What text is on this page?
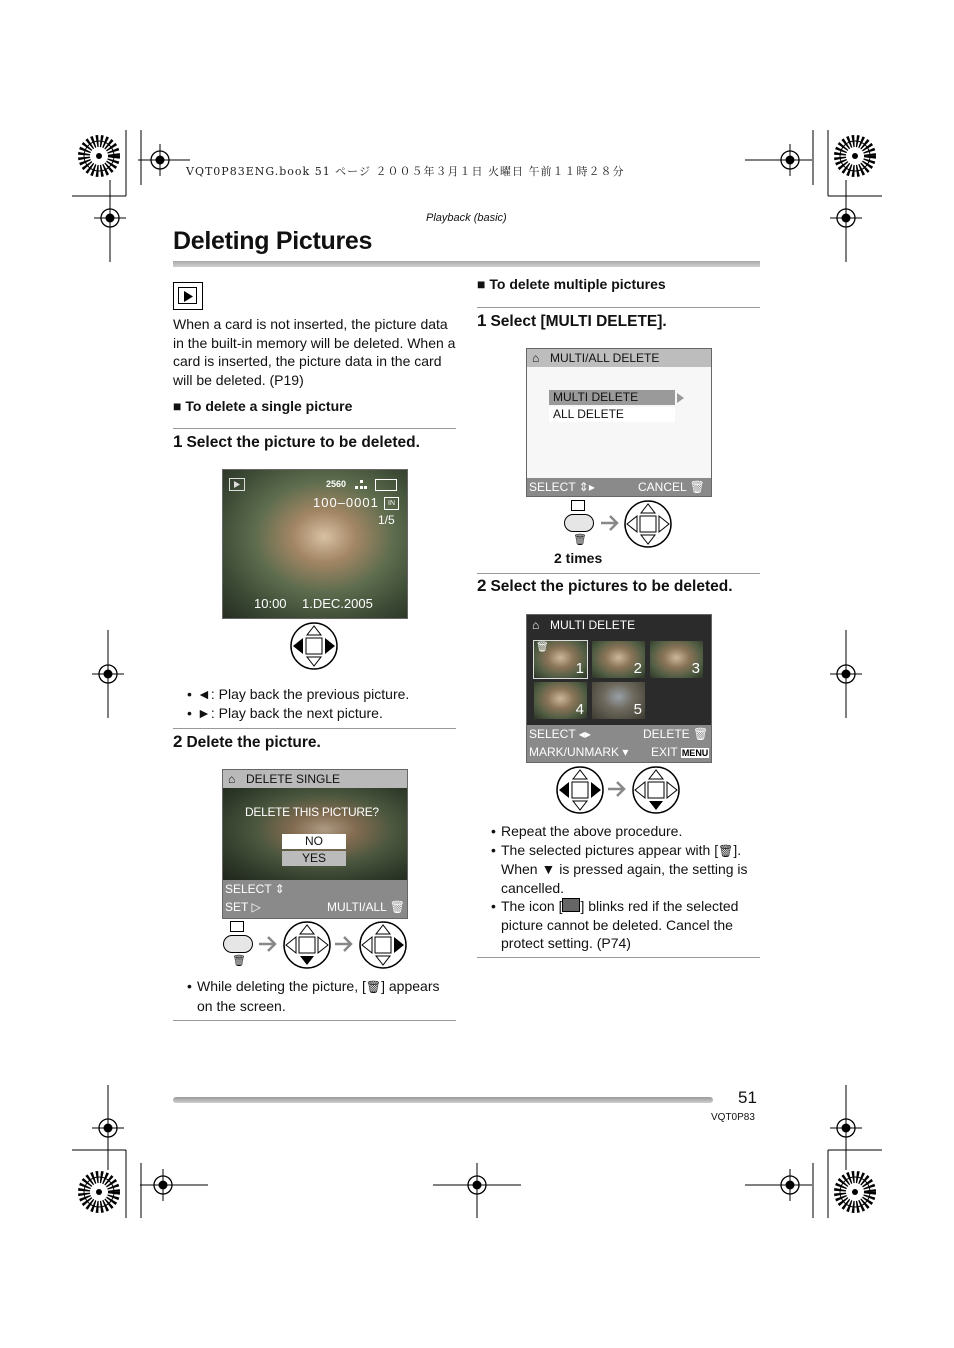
VQT0P83ENG.book 51 ページ ２００５年３月１日 火曜日 午前１１時２８分
Playback (basic)
Deleting Pictures
When a card is not inserted, the picture data in the built-in memory will be deleted. When a card is inserted, the picture data in the card will be deleted. (P19)
■ To delete a single picture
1 Select the picture to be deleted.
2560
100–0001	IN
1/5
10:00 1.DEC.2005
• ◄: Play back the previous picture.
• ►: Play back the next picture.
2 Delete the picture.
⌂ DELETE SINGLE
DELETE THIS PICTURE?
NO
YES
SELECT ⇕
SET ▷	MULTI/ALL 🗑
🗑
• While deleting the picture, [🗑] appears on the screen.
■ To delete multiple pictures
1 Select [MULTI DELETE].
⌂ MULTI/ALL DELETE
MULTI DELETE
ALL DELETE
SELECT ⇕▸	CANCEL 🗑
🗑
2 times
2 Select the pictures to be deleted.
⌂ MULTI DELETE
🗑
1	2	3
4	5
SELECT ◂▸	DELETE 🗑
MARK/UNMARK ▾ EXIT MENU
• Repeat the above procedure.
• The selected pictures appear with [🗑]. When ▼ is pressed again, the setting is cancelled.
• The icon [ ] blinks red if the selected picture cannot be deleted. Cancel the protect setting. (P74)
51
VQT0P83
